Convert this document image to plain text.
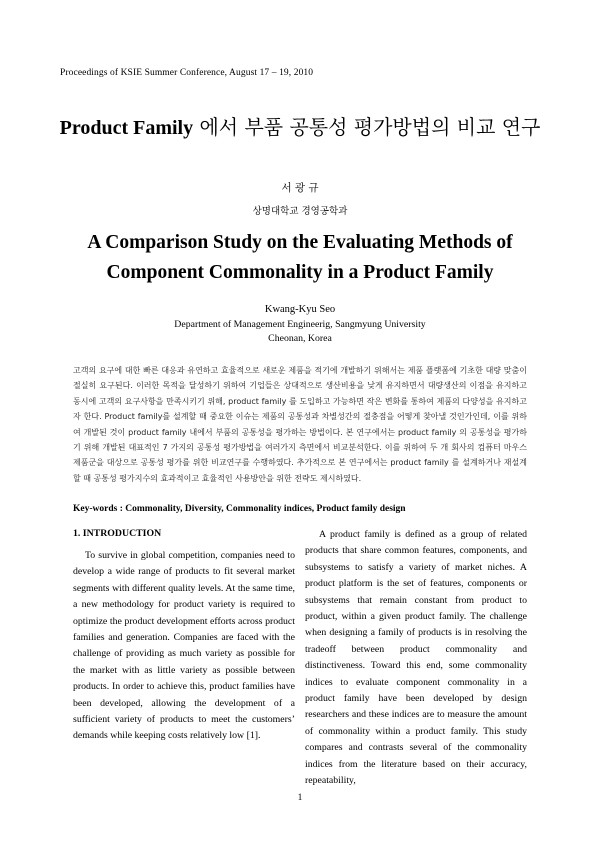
Proceedings of KSIE Summer Conference, August 17 – 19, 2010
Product Family 에서 부품 공통성 평가방법의 비교 연구
서 광 규
상명대학교 경영공학과
A Comparison Study on the Evaluating Methods of Component Commonality in a Product Family
Kwang-Kyu Seo
Department of Management Engineerig, Sangmyung University
Cheonan, Korea
고객의 요구에 대한 빠른 대응과 유연하고 효율적으로 새로운 제품을 적기에 개발하기 위해서는 제품 플랫폼에 기초한 대량 맞춤이 절실히 요구된다. 이러한 목적을 달성하기 위하여 기업들은 상대적으로 생산비용을 낮게 유지하면서 대량생산의 이점을 유지하고 동시에 고객의 요구사항을 만족시키기 위해, product family 를 도입하고 가능하면 작은 변화를 통하여 제품의 다양성을 유지하고자 한다. Product family를 설계할 때 중요한 이슈는 제품의 공통성과 차별성간의 절충점을 어떻게 찾아낼 것인가인데, 이를 위하여 개발된 것이 product family 내에서 부품의 공통성을 평가하는 방법이다. 본 연구에서는 product family 의 공통성을 평가하기 위해 개발된 대표적인 7 가지의 공통성 평가방법을 여러가지 측면에서 비교분석한다. 이를 위하여 두 개 회사의 컴퓨터 마우스 제품군을 대상으로 공통성 평가를 위한 비교연구를 수행하였다. 추가적으로 본 연구에서는 product family 를 설계하거나 재설계할 때 공통성 평가지수의 효과적이고 효율적인 사용방안을 위한 전략도 제시하였다.
Key-words : Commonality, Diversity, Commonality indices, Product family design
1. INTRODUCTION

To survive in global competition, companies need to develop a wide range of products to fit several market segments with different quality levels. At the same time, a new methodology for product variety is required to optimize the product development efforts across product families and generation. Companies are faced with the challenge of providing as much variety as possible for the market with as little variety as possible between products. In order to achieve this, product families have been developed, allowing the development of a sufficient variety of products to meet the customers’ demands while keeping costs relatively low [1].

A product family is defined as a group of related products that share common features, components, and subsystems to satisfy a variety of market niches. A product platform is the set of features, components or subsystems that remain constant from product to product, within a given product family. The challenge when designing a family of products is in resolving the tradeoff between product commonality and distinctiveness. Toward this end, some commonality indices to evaluate component commonality in a product family have been developed by design researchers and these indices are to measure the amount of commonality within a product family. This study compares and contrasts several of the commonality indices from the literature based on their accuracy, repeatability,

1
